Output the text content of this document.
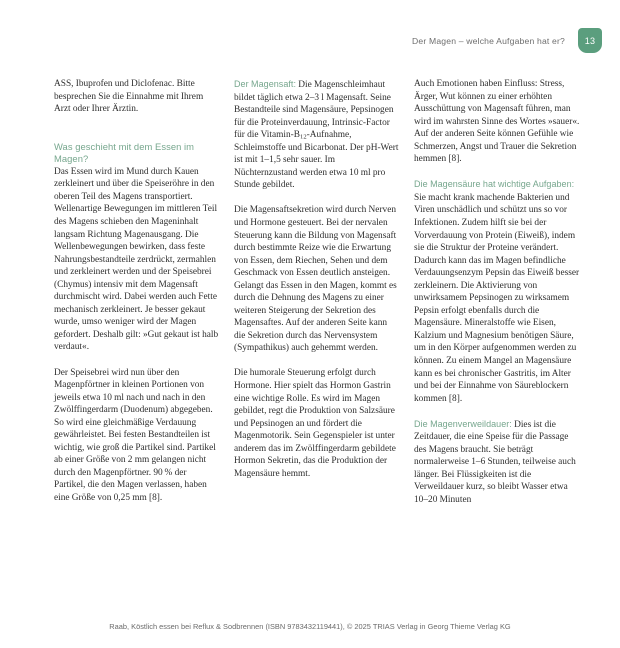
Der Magen – welche Aufgaben hat er?	13

ASS, Ibuprofen und Diclofenac. Bitte besprechen Sie die Einnahme mit Ihrem Arzt oder Ihrer Ärztin.

Was geschieht mit dem Essen im Magen?

Das Essen wird im Mund durch Kauen zerkleinert und über die Speiseröhre in den oberen Teil des Magens transportiert. Wellenartige Bewegungen im mittleren Teil des Magens schieben den Mageninhalt langsam Richtung Magenausgang. Die Wellenbewegungen bewirken, dass feste Nahrungsbestandteile zerdrückt, zermahlen und zerkleinert werden und der Speisebrei (Chymus) intensiv mit dem Magensaft durchmischt wird. Dabei werden auch Fette mechanisch zerkleinert. Je besser gekaut wurde, umso weniger wird der Magen gefordert. Deshalb gilt: »Gut gekaut ist halb verdaut«.

Der Speisebrei wird nun über den Magenpförtner in kleinen Portionen von jeweils etwa 10 ml nach und nach in den Zwölffingerdarm (Duodenum) abgegeben. So wird eine gleichmäßige Verdauung gewährleistet. Bei festen Bestandteilen ist wichtig, wie groß die Partikel sind. Partikel ab einer Größe von 2 mm gelangen nicht durch den Magenpförtner. 90 % der Partikel, die den Magen verlassen, haben eine Größe von 0,25 mm [8].

Der Magensaft: Die Magenschleimhaut bildet täglich etwa 2–3 l Magensaft. Seine Bestandteile sind Magensäure, Pepsinogen für die Proteinverdauung, Intrinsic-Factor für die Vitamin-$B_{12}$-Aufnahme, Schleimstoffe und Bicarbonat. Der pH-Wert ist mit 1–1,5 sehr sauer. Im Nüchternzustand werden etwa 10 ml pro Stunde gebildet.

Die Magensaftsekretion wird durch Nerven und Hormone gesteuert. Bei der nervalen Steuerung kann die Bildung von Magensaft durch bestimmte Reize wie die Erwartung von Essen, dem Riechen, Sehen und dem Geschmack von Essen deutlich ansteigen. Gelangt das Essen in den Magen, kommt es durch die Dehnung des Magens zu einer weiteren Steigerung der Sekretion des Magensaftes. Auf der anderen Seite kann die Sekretion durch das Nervensystem (Sympathikus) auch gehemmt werden.

Die humorale Steuerung erfolgt durch Hormone. Hier spielt das Hormon Gastrin eine wichtige Rolle. Es wird im Magen gebildet, regt die Produktion von Salzsäure und Pepsinogen an und fördert die Magenmotorik. Sein Gegenspieler ist unter anderem das im Zwölffingerdarm gebildete Hormon Sekretin, das die Produktion der Magensäure hemmt.

Auch Emotionen haben Einfluss: Stress, Ärger, Wut können zu einer erhöhten Ausschüttung von Magensaft führen, man wird im wahrsten Sinne des Wortes »sauer«. Auf der anderen Seite können Gefühle wie Schmerzen, Angst und Trauer die Sekretion hemmen [8].

Die Magensäure hat wichtige Aufgaben: Sie macht krank machende Bakterien und Viren unschädlich und schützt uns so vor Infektionen. Zudem hilft sie bei der Vorverdauung von Protein (Eiweiß), indem sie die Struktur der Proteine verändert. Dadurch kann das im Magen befindliche Verdauungsenzym Pepsin das Eiweiß besser zerkleinern. Die Aktivierung von unwirksamem Pepsinogen zu wirksamem Pepsin erfolgt ebenfalls durch die Magensäure. Mineralstoffe wie Eisen, Kalzium und Magnesium benötigen Säure, um in den Körper aufgenommen werden zu können. Zu einem Mangel an Magensäure kann es bei chronischer Gastritis, im Alter und bei der Einnahme von Säureblockern kommen [8].

Die Magenverweildauer: Dies ist die Zeitdauer, die eine Speise für die Passage des Magens braucht. Sie beträgt normalerweise 1–6 Stunden, teilweise auch länger. Bei Flüssigkeiten ist die Verweildauer kurz, so bleibt Wasser etwa 10–20 Minuten

Raab, Köstlich essen bei Reflux & Sodbrennen (ISBN 9783432119441), © 2025 TRIAS Verlag in Georg Thieme Verlag KG
